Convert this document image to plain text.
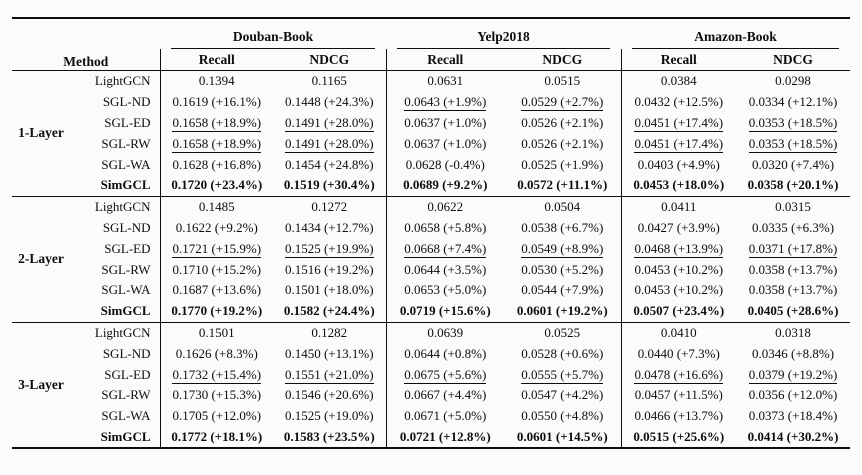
Method		Douban-Book		Yelp2018		Amazon-Book	

		Recall	NDCG	Recall	NDCG	Recall	NDCG
1-Layer	LightGCN	0.1394	0.1165	0.0631	0.0515	0.0384	0.0298
	SGL-ND	0.1619 (+16.1%)	0.1448 (+24.3%)	0.0643 (+1.9%)	0.0529 (+2.7%)	0.0432 (+12.5%)	0.0334 (+12.1%)
	SGL-ED	0.1658 (+18.9%)	0.1491 (+28.0%)	0.0637 (+1.0%)	0.0526 (+2.1%)	0.0451 (+17.4%)	0.0353 (+18.5%)
	SGL-RW	0.1658 (+18.9%)	0.1491 (+28.0%)	0.0637 (+1.0%)	0.0526 (+2.1%)	0.0451 (+17.4%)	0.0353 (+18.5%)
	SGL-WA	0.1628 (+16.8%)	0.1454 (+24.8%)	0.0628 (-0.4%)	0.0525 (+1.9%)	0.0403 (+4.9%)	0.0320 (+7.4%)
	SimGCL	0.1720 (+23.4%)	0.1519 (+30.4%)	0.0689 (+9.2%)	0.0572 (+11.1%)	0.0453 (+18.0%)	0.0358 (+20.1%)
2-Layer	LightGCN	0.1485	0.1272	0.0622	0.0504	0.0411	0.0315
	SGL-ND	0.1622 (+9.2%)	0.1434 (+12.7%)	0.0658 (+5.8%)	0.0538 (+6.7%)	0.0427 (+3.9%)	0.0335 (+6.3%)
	SGL-ED	0.1721 (+15.9%)	0.1525 (+19.9%)	0.0668 (+7.4%)	0.0549 (+8.9%)	0.0468 (+13.9%)	0.0371 (+17.8%)
	SGL-RW	0.1710 (+15.2%)	0.1516 (+19.2%)	0.0644 (+3.5%)	0.0530 (+5.2%)	0.0453 (+10.2%)	0.0358 (+13.7%)
	SGL-WA	0.1687 (+13.6%)	0.1501 (+18.0%)	0.0653 (+5.0%)	0.0544 (+7.9%)	0.0453 (+10.2%)	0.0358 (+13.7%)
	SimGCL	0.1770 (+19.2%)	0.1582 (+24.4%)	0.0719 (+15.6%)	0.0601 (+19.2%)	0.0507 (+23.4%)	0.0405 (+28.6%)
3-Layer	LightGCN	0.1501	0.1282	0.0639	0.0525	0.0410	0.0318
	SGL-ND	0.1626 (+8.3%)	0.1450 (+13.1%)	0.0644 (+0.8%)	0.0528 (+0.6%)	0.0440 (+7.3%)	0.0346 (+8.8%)
	SGL-ED	0.1732 (+15.4%)	0.1551 (+21.0%)	0.0675 (+5.6%)	0.0555 (+5.7%)	0.0478 (+16.6%)	0.0379 (+19.2%)
	SGL-RW	0.1730 (+15.3%)	0.1546 (+20.6%)	0.0667 (+4.4%)	0.0547 (+4.2%)	0.0457 (+11.5%)	0.0356 (+12.0%)
	SGL-WA	0.1705 (+12.0%)	0.1525 (+19.0%)	0.0671 (+5.0%)	0.0550 (+4.8%)	0.0466 (+13.7%)	0.0373 (+18.4%)
	SimGCL	0.1772 (+18.1%)	0.1583 (+23.5%)	0.0721 (+12.8%)	0.0601 (+14.5%)	0.0515 (+25.6%)	0.0414 (+30.2%)
